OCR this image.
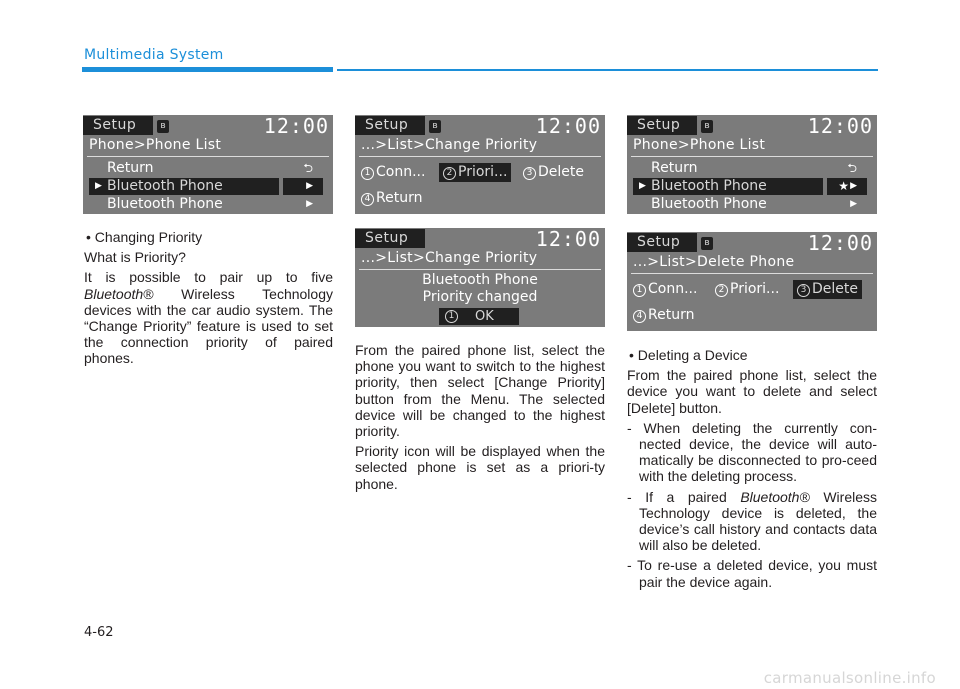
Multimedia System
Setup	ʙ	12:00
Phone>Phone List
Return	⮌
▶ Bluetooth Phone	▶
Bluetooth Phone	▶
Setup	ʙ	12:00
...>List>Change Priority
1 Conn...	2 Priori...	3 Delete
4 Return
Setup	ʙ	12:00
Phone>Phone List
Return	⮌
▶ Bluetooth Phone	★ ▶
Bluetooth Phone	▶
Setup	12:00
...>List>Change Priority
Bluetooth Phone
Priority changed
1 OK
Setup	ʙ	12:00
...>List>Delete Phone
1 Conn...	2 Priori...	3 Delete
4 Return

• Changing Priority

What is Priority?

It is possible to pair up to five Bluetooth® Wireless Technology devices with the car audio system. The “Change Priority” feature is used to set the connection priority of paired phones.

From the paired phone list, select the phone you want to switch to the highest priority, then select [Change Priority] button from the Menu. The selected device will be changed to the highest priority.

Priority icon will be displayed when the selected phone is set as a priori-ty phone.

• Deleting a Device

From the paired phone list, select the device you want to delete and select [Delete] button.

- When deleting the currently con-nected device, the device will auto-matically be disconnected to pro-ceed with the deleting process.

- If a paired Bluetooth® Wireless Technology device is deleted, the device’s call history and contacts data will also be deleted.

- To re-use a deleted device, you must pair the device again.

4-62
carmanualsonline.info
